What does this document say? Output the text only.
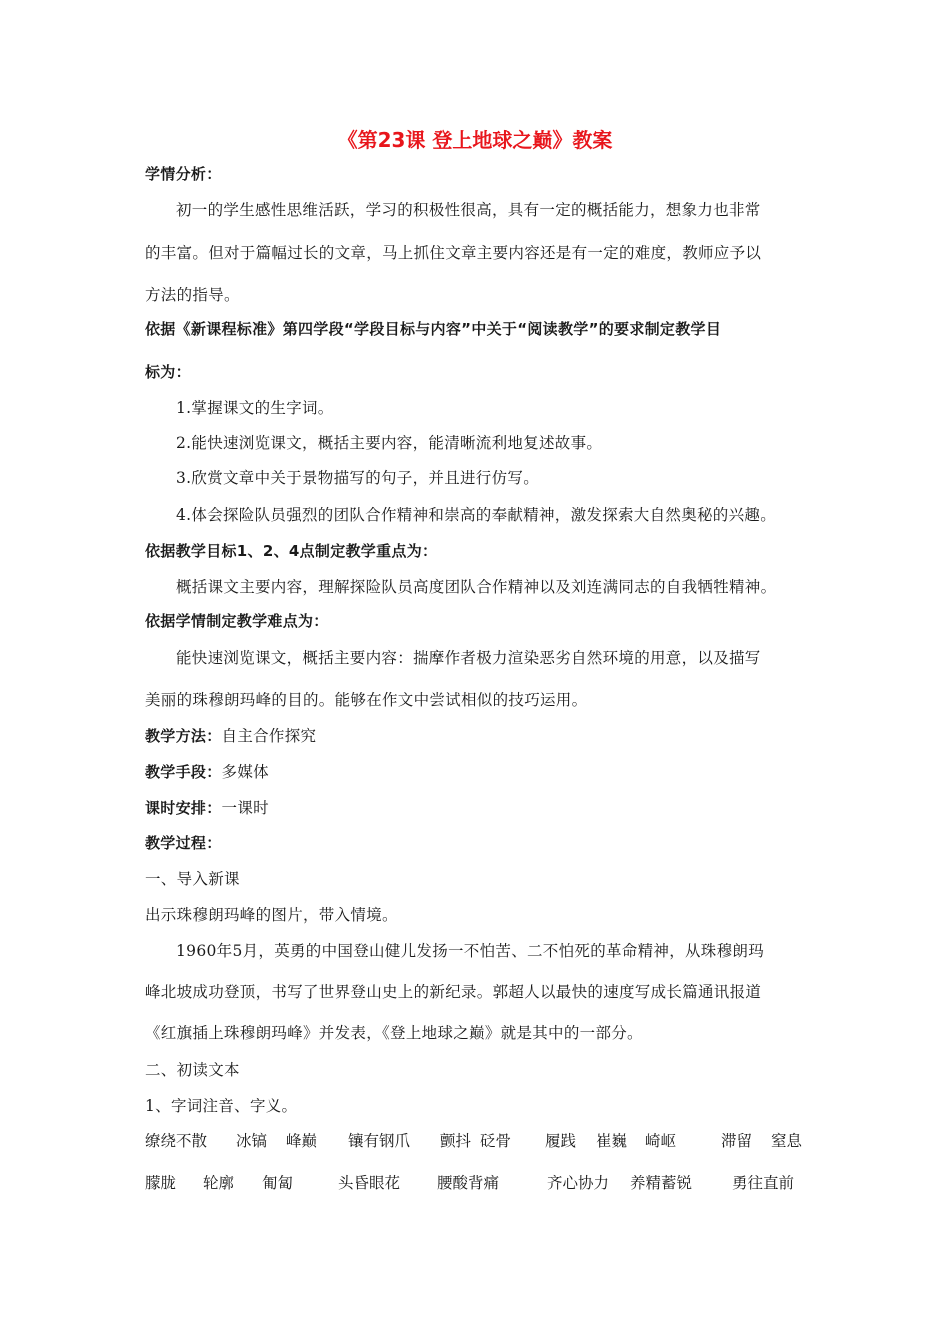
《第23课 登上地球之巅》教案
学情分析：
初一的学生感性思维活跃，学习的积极性很高，具有一定的概括能力，想象力也非常
的丰富。但对于篇幅过长的文章，马上抓住文章主要内容还是有一定的难度，教师应予以
方法的指导。
依据《新课程标准》第四学段“学段目标与内容”中关于“阅读教学”的要求制定教学目
标为：
1.掌握课文的生字词。
2.能快速浏览课文，概括主要内容，能清晰流利地复述故事。
3.欣赏文章中关于景物描写的句子，并且进行仿写。
4.体会探险队员强烈的团队合作精神和崇高的奉献精神，激发探索大自然奥秘的兴趣。
依据教学目标1、2、4点制定教学重点为：
概括课文主要内容，理解探险队员高度团队合作精神以及刘连满同志的自我牺牲精神。
依据学情制定教学难点为：
能快速浏览课文，概括主要内容：揣摩作者极力渲染恶劣自然环境的用意，以及描写
美丽的珠穆朗玛峰的目的。能够在作文中尝试相似的技巧运用。
教学方法：自主合作探究
教学手段：多媒体
课时安排：一课时
教学过程：
一、导入新课
出示珠穆朗玛峰的图片，带入情境。
1960年5月，英勇的中国登山健儿发扬一不怕苦、二不怕死的革命精神，从珠穆朗玛
峰北坡成功登顶，书写了世界登山史上的新纪录。郭超人以最快的速度写成长篇通讯报道
《红旗插上珠穆朗玛峰》并发表，《登上地球之巅》就是其中的一部分。
二、初读文本
1、字词注音、字义。
缭绕不散 冰镐 峰巅 镶有钢爪 颤抖 砭骨 履践 崔巍 崎岖	滞留 窒息
朦胧 轮廓 匍匐	头昏眼花 腰酸背痛	齐心协力 养精蓄锐	勇往直前
